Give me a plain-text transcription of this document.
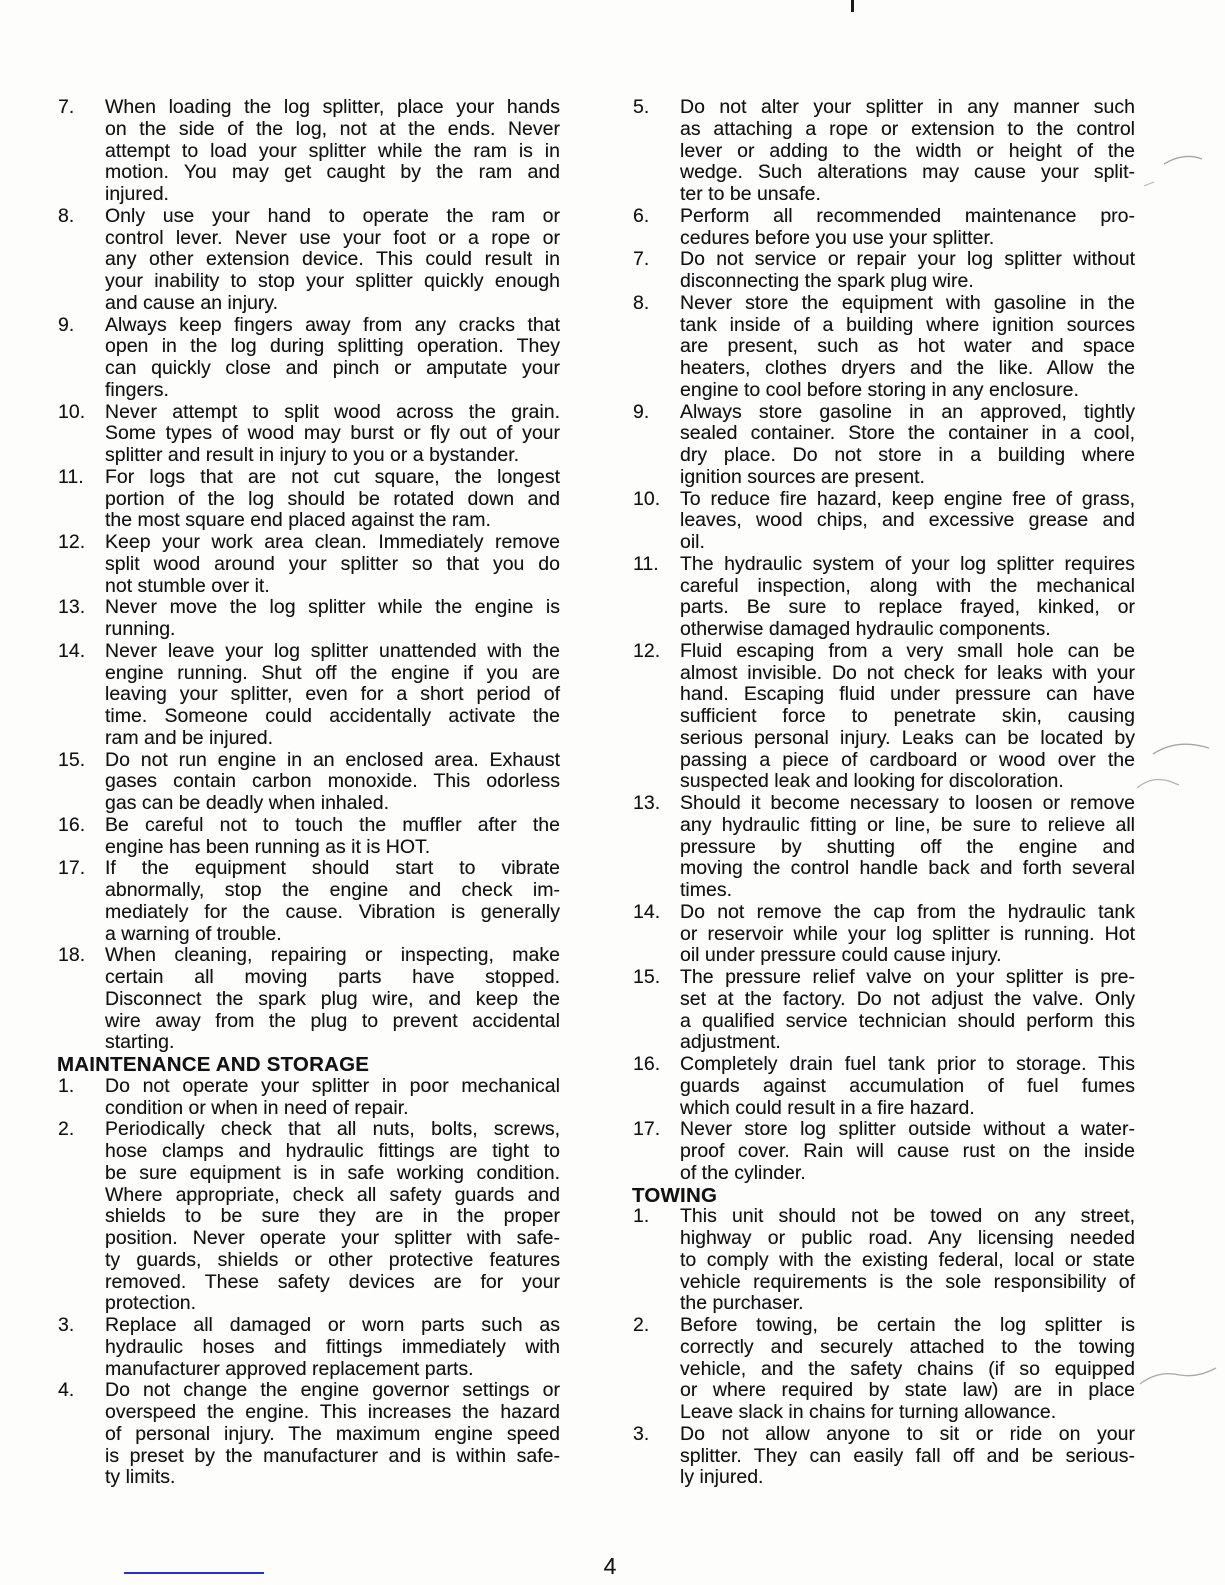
7. When loading the log splitter, place your hands
on the side of the log, not at the ends. Never
attempt to load your splitter while the ram is in
motion. You may get caught by the ram and
injured.
8. Only use your hand to operate the ram or
control lever. Never use your foot or a rope or
any other extension device. This could result in
your inability to stop your splitter quickly enough
and cause an injury.
9. Always keep fingers away from any cracks that
open in the log during splitting operation. They
can quickly close and pinch or amputate your
fingers.
10. Never attempt to split wood across the grain.
Some types of wood may burst or fly out of your
splitter and result in injury to you or a bystander.
11. For logs that are not cut square, the longest
portion of the log should be rotated down and
the most square end placed against the ram.
12. Keep your work area clean. Immediately remove
split wood around your splitter so that you do
not stumble over it.
13. Never move the log splitter while the engine is
running.
14. Never leave your log splitter unattended with the
engine running. Shut off the engine if you are
leaving your splitter, even for a short period of
time. Someone could accidentally activate the
ram and be injured.
15. Do not run engine in an enclosed area. Exhaust
gases contain carbon monoxide. This odorless
gas can be deadly when inhaled.
16. Be careful not to touch the muffler after the
engine has been running as it is HOT.
17. If the equipment should start to vibrate
abnormally, stop the engine and check im-
mediately for the cause. Vibration is generally
a warning of trouble.
18. When cleaning, repairing or inspecting, make
certain all moving parts have stopped.
Disconnect the spark plug wire, and keep the
wire away from the plug to prevent accidental
starting.
MAINTENANCE AND STORAGE
1. Do not operate your splitter in poor mechanical
condition or when in need of repair.
2. Periodically check that all nuts, bolts, screws,
hose clamps and hydraulic fittings are tight to
be sure equipment is in safe working condition.
Where appropriate, check all safety guards and
shields to be sure they are in the proper
position. Never operate your splitter with safe-
ty guards, shields or other protective features
removed. These safety devices are for your
protection.
3. Replace all damaged or worn parts such as
hydraulic hoses and fittings immediately with
manufacturer approved replacement parts.
4. Do not change the engine governor settings or
overspeed the engine. This increases the hazard
of personal injury. The maximum engine speed
is preset by the manufacturer and is within safe-
ty limits.
5. Do not alter your splitter in any manner such
as attaching a rope or extension to the control
lever or adding to the width or height of the
wedge. Such alterations may cause your split-
ter to be unsafe.
6. Perform all recommended maintenance pro-
cedures before you use your splitter.
7. Do not service or repair your log splitter without
disconnecting the spark plug wire.
8. Never store the equipment with gasoline in the
tank inside of a building where ignition sources
are present, such as hot water and space
heaters, clothes dryers and the like. Allow the
engine to cool before storing in any enclosure.
9. Always store gasoline in an approved, tightly
sealed container. Store the container in a cool,
dry place. Do not store in a building where
ignition sources are present.
10. To reduce fire hazard, keep engine free of grass,
leaves, wood chips, and excessive grease and
oil.
11. The hydraulic system of your log splitter requires
careful inspection, along with the mechanical
parts. Be sure to replace frayed, kinked, or
otherwise damaged hydraulic components.
12. Fluid escaping from a very small hole can be
almost invisible. Do not check for leaks with your
hand. Escaping fluid under pressure can have
sufficient force to penetrate skin, causing
serious personal injury. Leaks can be located by
passing a piece of cardboard or wood over the
suspected leak and looking for discoloration.
13. Should it become necessary to loosen or remove
any hydraulic fitting or line, be sure to relieve all
pressure by shutting off the engine and
moving the control handle back and forth several
times.
14. Do not remove the cap from the hydraulic tank
or reservoir while your log splitter is running. Hot
oil under pressure could cause injury.
15. The pressure relief valve on your splitter is pre-
set at the factory. Do not adjust the valve. Only
a qualified service technician should perform this
adjustment.
16. Completely drain fuel tank prior to storage. This
guards against accumulation of fuel fumes
which could result in a fire hazard.
17. Never store log splitter outside without a water-
proof cover. Rain will cause rust on the inside
of the cylinder.
TOWING
1. This unit should not be towed on any street,
highway or public road. Any licensing needed
to comply with the existing federal, local or state
vehicle requirements is the sole responsibility of
the purchaser.
2. Before towing, be certain the log splitter is
correctly and securely attached to the towing
vehicle, and the safety chains (if so equipped
or where required by state law) are in place
Leave slack in chains for turning allowance.
3. Do not allow anyone to sit or ride on your
splitter. They can easily fall off and be serious-
ly injured.
4
